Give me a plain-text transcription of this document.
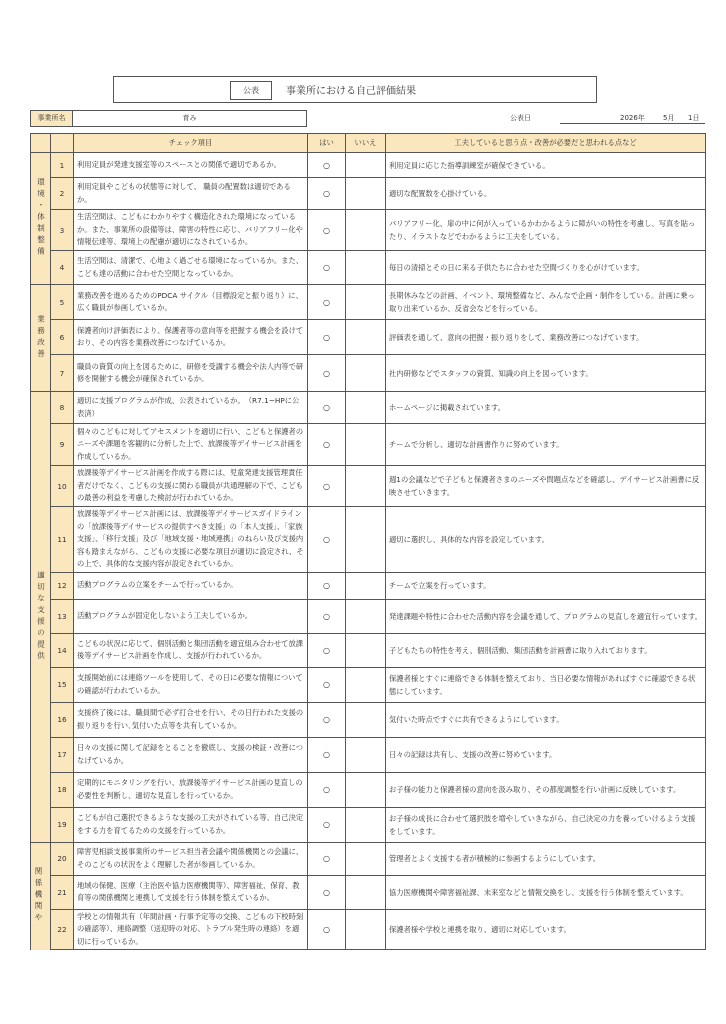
公表	事業所における自己評価結果
事業所名	育み	公表日	2026年	5月 1日
		チェック項目	はい	いいえ	工夫していると思う点・改善が必要だと思われる点など
環境・体制整備	1	利用定員が発達支援室等のスペースとの関係で適切であるか。	○		利用定員に応じた指導訓練室が確保できている。
	2	利用定員やこどもの状態等に対して、 職員の配置数は適切であるか。	○		適切な配置数を心掛けている。
	3	生活空間は、こどもにわかりやすく構造化された環境になっているか。また、事業所の設備等は、障害の特性に応じ、バリアフリー化や情報伝達等、環境上の配慮が適切になされているか。	○		バリアフリー化、扉の中に何が入っているかわかるように障がいの特性を考慮し、写真を貼ったり、イラストなどでわかるように工夫をしている。
	4	生活空間は、清潔で、心地よく過ごせる環境になっているか。また、こども達の活動に合わせた空間となっているか。	○		毎日の清掃とその日に来る子供たちに合わせた空間づくりを心がけています。
業務改善	5	業務改善を進めるためのPDCA サイクル（目標設定と振り返り）に、広く職員が参画しているか。	○		長期休みなどの計画、イベント、環境整備など、みんなで企画・制作をしている。計画に乗っ取り出来ているか、反省会などを行っている。
	6	保護者向け評価表により、保護者等の意向等を把握する機会を設けており、その内容を業務改善につなげているか。	○		評価表を通して、意向の把握・振り返りをして、業務改善につなげています。
	7	職員の資質の向上を図るために、研修を受講する機会や法人内等で研修を開催する機会が確保されているか。	○		社内研修などでスタッフの資質、知識の向上を図っています。
適切な支援の提供	8	適切に支援プログラムが作成、公表されているか。　（R7.1~HPに公表済）	○		ホームページに掲載されています。
	9	個々のこどもに対してアセスメントを適切に行い、こどもと保護者のニーズや課題を客観的に分析した上で、放課後等デイサービス計画を作成しているか。	○		チームで分析し、適切な計画書作りに努めています。
	10	放課後等デイサービス計画を作成する際には、児童発達支援管理責任者だけでなく、こどもの支援に関わる職員が共通理解の下で、こどもの最善の利益を考慮した検討が行われているか。	○		週1の会議などで子どもと保護者さまのニーズや問題点などを確認し、デイサービス計画書に反映させていきます。
	11	放課後等デイサービス計画には、放課後等デイサービスガイドラインの「放課後等デイサービスの提供すべき支援」の「本人支援」、「家族支援」、「移行支援」及び「地域支援・地域連携」のねらい及び支援内容も踏まえながら、こどもの支援に必要な項目が適切に設定され、その上で、具体的な支援内容が設定されているか。	○		適切に選択し、具体的な内容を設定しています。
	12	活動プログラムの立案をチームで行っているか。	○		チームで立案を行っています。
	13	活動プログラムが固定化しないよう工夫しているか。	○		発達課題や特性に合わせた活動内容を会議を通して、プログラムの見直しを適宜行っています。
	14	こどもの状況に応じて、個別活動と集団活動を適宜組み合わせて放課後等デイサービス計画を作成し、支援が行われているか。	○		子どもたちの特性を考え、個別活動、集団活動を計画書に取り入れております。
	15	支援開始前には連絡ツールを使用して、その日に必要な情報についての確認が行われているか。	○		保護者様とすぐに連絡できる体制を整えており、当日必要な情報があればすぐに確認できる状態にしています。
	16	支援終了後には、職員間で必ず打合せを行い、その日行われた支援の振り返りを行い､気付いた点等を共有しているか。	○		気付いた時点ですぐに共有できるようにしています。
	17	日々の支援に関して記録をとることを徹底し、支援の検証・改善につなげているか。	○		日々の記録は共有し、支援の改善に努めています。
	18	定期的にモニタリングを行い、放課後等デイサービス計画の見直しの必要性を判断し、適切な見直しを行っているか。	○		お子様の能力と保護者様の意向を汲み取り、その都度調整を行い計画に反映しています。
	19	こどもが自己選択できるような支援の工夫がされている等、自己決定をする力を育てるための支援を行っているか。	○		お子様の成長に合わせて選択肢を増やしていきながら、自己決定の力を養っていけるよう支援をしています。
関係機関や	20	障害児相談支援事業所のサービス担当者会議や関係機関との会議に、そのこどもの状況をよく理解した者が参画しているか。	○		管理者とよく支援する者が積極的に参画するようにしています。
	21	地域の保健、医療（主治医や協力医療機関等）、障害福祉、保育、教育等の関係機関と連携して支援を行う体制を整えているか。	○		協力医療機関や障害福祉課、未来室などと情報交換をし、支援を行う体制を整えています。
	22	学校との情報共有（年間計画・行事予定等の交換、こどもの下校時刻の確認等）、連絡調整（送迎時の対応、トラブル発生時の連絡）を適切に行っているか。	○		保護者様や学校と連携を取り、適切に対応しています。
